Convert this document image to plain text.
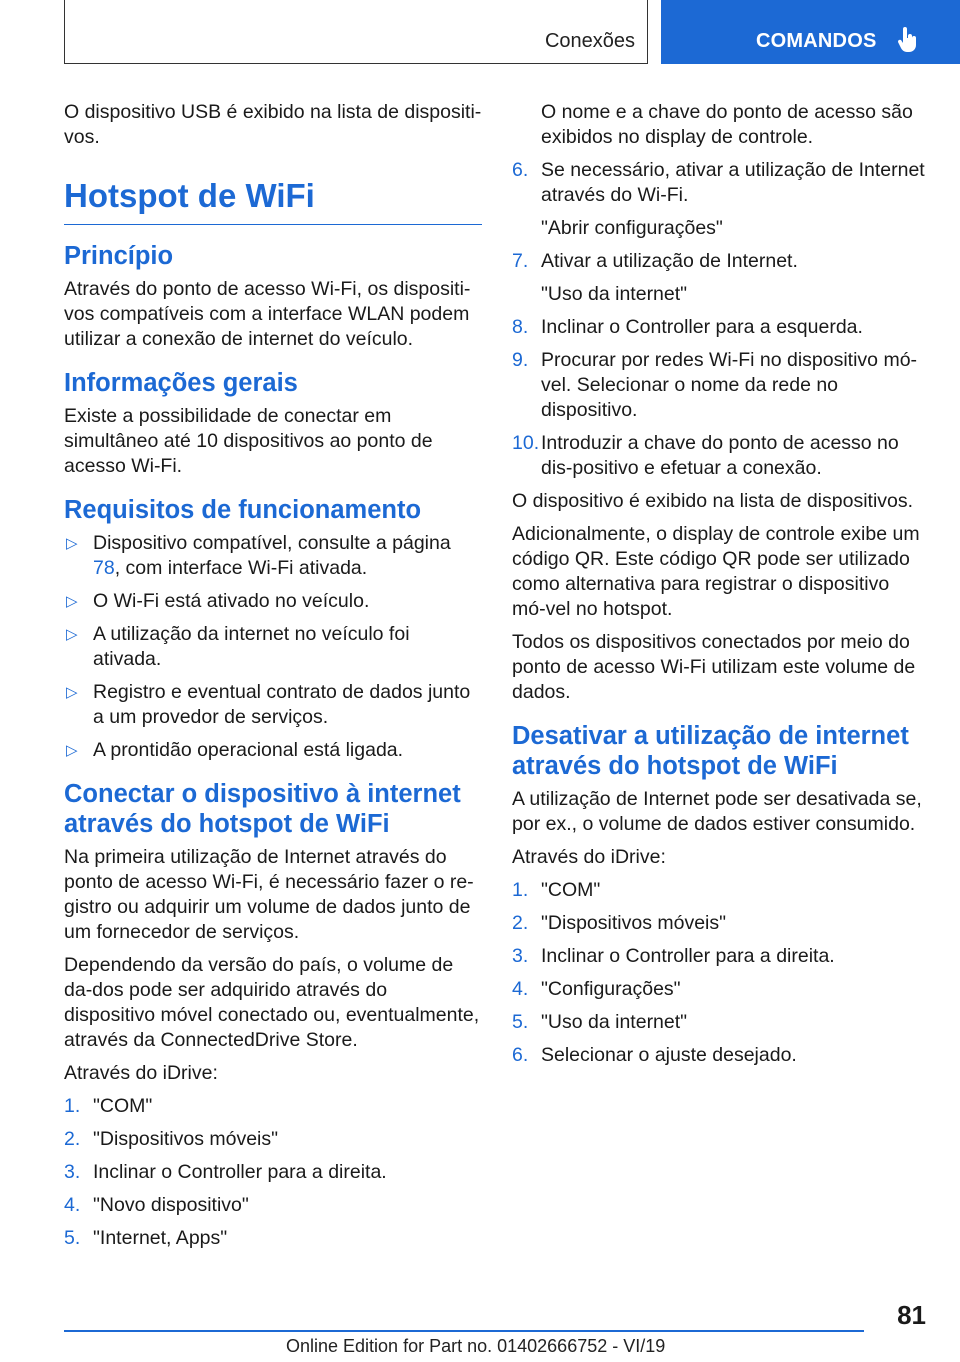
Conexões	COMANDOS

O dispositivo USB é exibido na lista de dispositi-vos.

Hotspot de WiFi
Princípio

Através do ponto de acesso Wi-Fi, os dispositi-vos compatíveis com a interface WLAN podem utilizar a conexão de internet do veículo.

Informações gerais

Existe a possibilidade de conectar em simultâneo até 10 dispositivos ao ponto de acesso Wi-Fi.

Requisitos de funcionamento
▷ Dispositivo compatível, consulte a página 78, com interface Wi-Fi ativada.
▷ O Wi-Fi está ativado no veículo.
▷ A utilização da internet no veículo foi ativada.
▷ Registro e eventual contrato de dados junto a um provedor de serviços.
▷ A prontidão operacional está ligada.
Conectar o dispositivo à internet através do hotspot de WiFi

Na primeira utilização de Internet através do ponto de acesso Wi-Fi, é necessário fazer o re-gistro ou adquirir um volume de dados junto de um fornecedor de serviços.

Dependendo da versão do país, o volume de da-dos pode ser adquirido através do dispositivo móvel conectado ou, eventualmente, através da ConnectedDrive Store.

Através do iDrive:

1. "COM"
2. "Dispositivos móveis"
3. Inclinar o Controller para a direita.
4. "Novo dispositivo"
5. "Internet, Apps"
O nome e a chave do ponto de acesso são exibidos no display de controle.
6. Se necessário, ativar a utilização de Internet através do Wi-Fi.
"Abrir configurações"
7. Ativar a utilização de Internet.
"Uso da internet"
8. Inclinar o Controller para a esquerda.
9. Procurar por redes Wi-Fi no dispositivo mó-vel. Selecionar o nome da rede no dispositivo.
10. Introduzir a chave do ponto de acesso no dis-positivo e efetuar a conexão.

O dispositivo é exibido na lista de dispositivos.

Adicionalmente, o display de controle exibe um código QR. Este código QR pode ser utilizado como alternativa para registrar o dispositivo mó-vel no hotspot.

Todos os dispositivos conectados por meio do ponto de acesso Wi-Fi utilizam este volume de dados.

Desativar a utilização de internet através do hotspot de WiFi

A utilização de Internet pode ser desativada se, por ex., o volume de dados estiver consumido.

Através do iDrive:

1. "COM"
2. "Dispositivos móveis"
3. Inclinar o Controller para a direita.
4. "Configurações"
5. "Uso da internet"
6. Selecionar o ajuste desejado.
81
Online Edition for Part no. 01402666752 - VI/19
